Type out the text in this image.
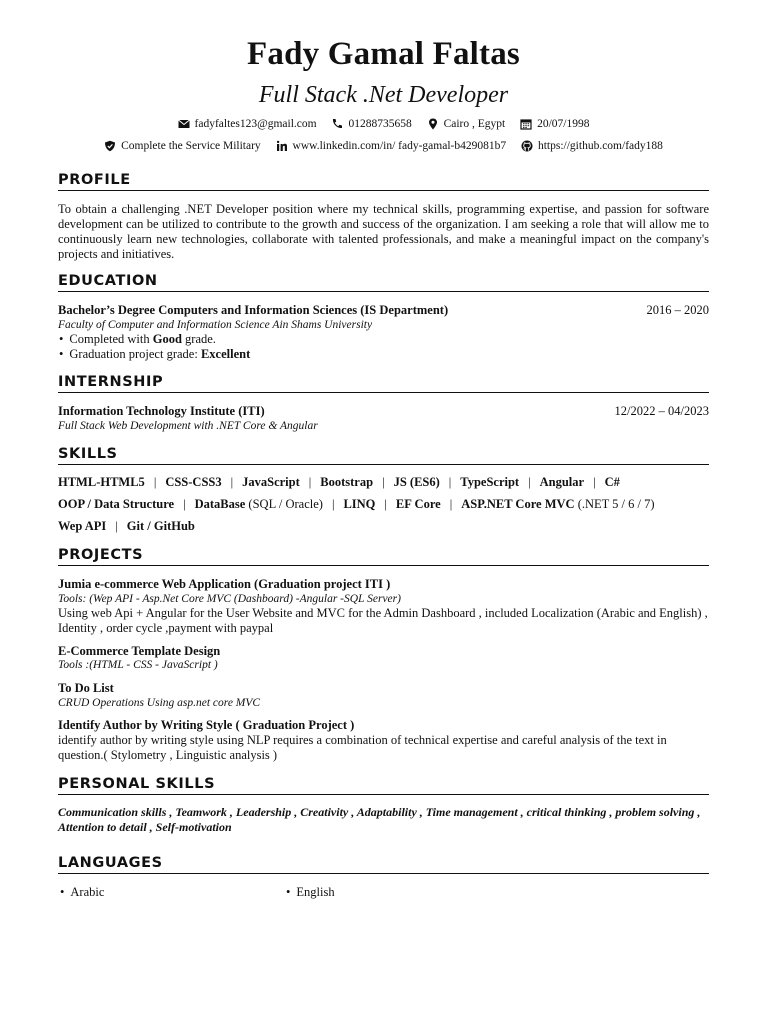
Fady Gamal Faltas
Full Stack .Net Developer
fadyfaltes123@gmail.com
	01288735658
	Cairo , Egypt
	20/07/1998
Complete the Service Military
	www.linkedin.com/in/ fady-gamal-b429081b7
	https://github.com/fady188
PROFILE
To obtain a challenging .NET Developer position where my technical skills, programming expertise, and passion for software development can be utilized to contribute to the growth and success of the organization. I am seeking a role that will allow me to continuously learn new technologies, collaborate with talented professionals, and make a meaningful impact on the company's projects and initiatives.
EDUCATION
Bachelor’s Degree Computers and Information Sciences (IS Department)	2016 – 2020
Faculty of Computer and Information Science Ain Shams University
• Completed with Good grade.
• Graduation project grade: Excellent
INTERNSHIP
Information Technology Institute (ITI)	12/2022 – 04/2023
Full Stack Web Development with .NET Core & Angular
SKILLS
HTML-HTML5 | CSS-CSS3 | JavaScript | Bootstrap | JS (ES6) | TypeScript | Angular | C#
OOP / Data Structure | DataBase (SQL / Oracle) | LINQ | EF Core | ASP.NET Core MVC (.NET 5 / 6 / 7)
Wep API | Git / GitHub
PROJECTS
Jumia e-commerce Web Application (Graduation project ITI )
Tools: (Wep API - Asp.Net Core MVC (Dashboard) -Angular -SQL Server)
Using web Api + Angular for the User Website and MVC for the Admin Dashboard , included Localization (Arabic and English) , Identity , order cycle ,payment with paypal
E-Commerce Template Design
Tools :(HTML - CSS - JavaScript )
To Do List
CRUD Operations Using asp.net core MVC
Identify Author by Writing Style ( Graduation Project )
identify author by writing style using NLP requires a combination of technical expertise and careful analysis of the text in question.( Stylometry , Linguistic analysis )
PERSONAL SKILLS
Communication skills , Teamwork , Leadership , Creativity , Adaptability , Time management , critical thinking , problem solving , Attention to detail , Self-motivation
LANGUAGES
• Arabic
•	English
